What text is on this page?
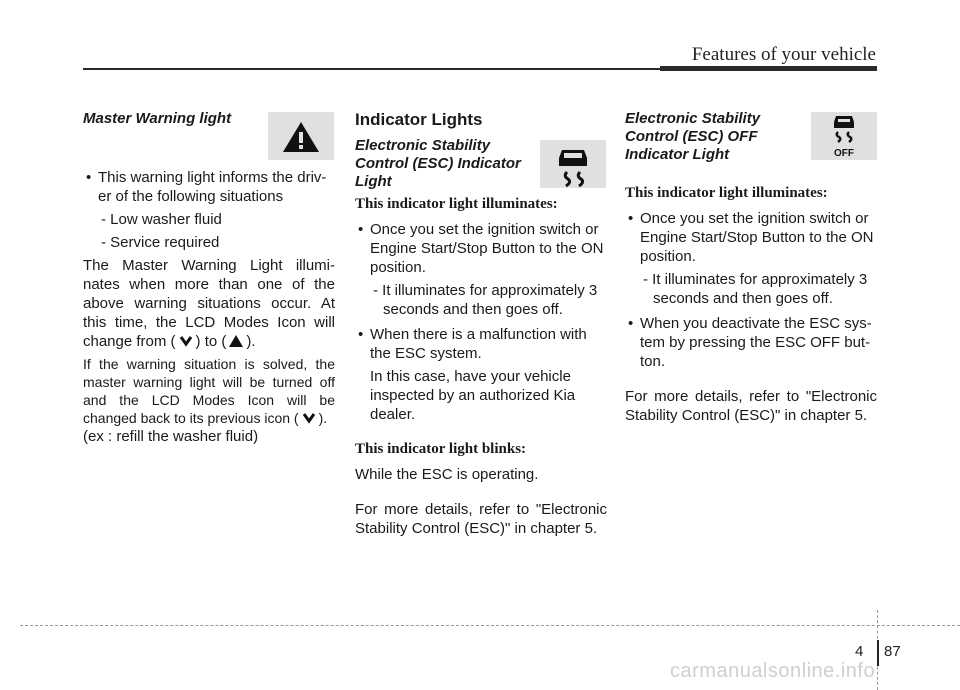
Features of your vehicle
Master Warning light
• This warning light informs the driv-er of the following situations
- Low washer fluid
- Service required
The Master Warning Light illumi-nates when more than one of the above warning situations occur. At this time, the LCD Modes Icon will change from ( ) to ( ).
If the warning situation is solved, the master warning light will be turned off and the LCD Modes Icon will be changed back to its previous icon ( ).
(ex : refill the washer fluid)
Indicator Lights
Electronic Stability Control (ESC) Indicator Light
This indicator light illuminates:
• Once you set the ignition switch or Engine Start/Stop Button to the ON position.
- It illuminates for approximately 3 seconds and then goes off.
• When there is a malfunction with the ESC system.
In this case, have your vehicle inspected by an authorized Kia dealer.
This indicator light blinks:
While the ESC is operating.
For more details, refer to "Electronic Stability Control (ESC)" in chapter 5.
Electronic Stability Control (ESC) OFF Indicator Light
This indicator light illuminates:
• Once you set the ignition switch or Engine Start/Stop Button to the ON position.
- It illuminates for approximately 3 seconds and then goes off.
• When you deactivate the ESC sys-tem by pressing the ESC OFF but-ton.
For more details, refer to "Electronic Stability Control (ESC)" in chapter 5.
OFF
4 87
carmanualsonline.info
